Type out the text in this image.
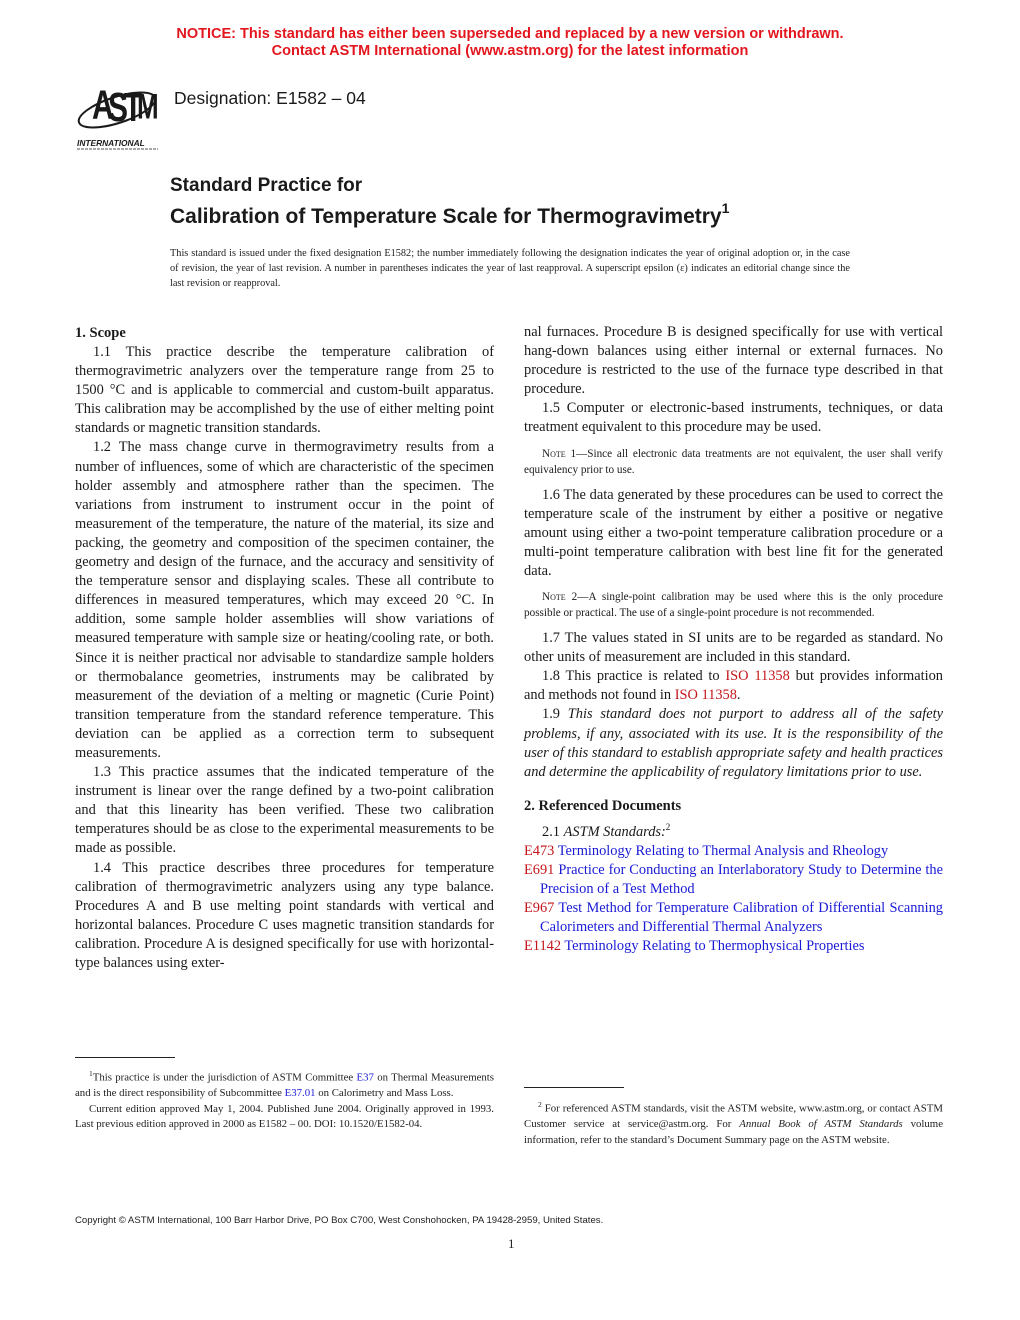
NOTICE: This standard has either been superseded and replaced by a new version or withdrawn.
Contact ASTM International (www.astm.org) for the latest information
A
S
T
M
INTERNATIONAL
Designation: E1582 – 04
Standard Practice for
Calibration of Temperature Scale for Thermogravimetry$^1$
This standard is issued under the fixed designation E1582; the number immediately following the designation indicates the year of original adoption or, in the case of revision, the year of last revision. A number in parentheses indicates the year of last reapproval. A superscript epsilon (ε) indicates an editorial change since the last revision or reapproval.
1. Scope

1.1 This practice describe the temperature calibration of thermogravimetric analyzers over the temperature range from 25 to 1500 °C and is applicable to commercial and custom-built apparatus. This calibration may be accomplished by the use of either melting point standards or magnetic transition standards.

1.2 The mass change curve in thermogravimetry results from a number of influences, some of which are characteristic of the specimen holder assembly and atmosphere rather than the specimen. The variations from instrument to instrument occur in the point of measurement of the temperature, the nature of the material, its size and packing, the geometry and composition of the specimen container, the geometry and design of the furnace, and the accuracy and sensitivity of the temperature sensor and displaying scales. These all contribute to differences in measured temperatures, which may exceed 20 °C. In addition, some sample holder assemblies will show variations of measured temperature with sample size or heating/cooling rate, or both. Since it is neither practical nor advisable to standardize sample holders or thermobalance geometries, instruments may be calibrated by measurement of the deviation of a melting or magnetic (Curie Point) transition temperature from the standard reference temperature. This deviation can be applied as a correction term to subsequent measurements.

1.3 This practice assumes that the indicated temperature of the instrument is linear over the range defined by a two-point calibration and that this linearity has been verified. These two calibration temperatures should be as close to the experimental measurements to be made as possible.

1.4 This practice describes three procedures for temperature calibration of thermogravimetric analyzers using any type balance. Procedures A and B use melting point standards with vertical and horizontal balances. Procedure C uses magnetic transition standards for calibration. Procedure A is designed specifically for use with horizontal-type balances using exter-

nal furnaces. Procedure B is designed specifically for use with vertical hang-down balances using either internal or external furnaces. No procedure is restricted to the use of the furnace type described in that procedure.

1.5 Computer or electronic-based instruments, techniques, or data treatment equivalent to this procedure may be used.

Note 1—Since all electronic data treatments are not equivalent, the user shall verify equivalency prior to use.

1.6 The data generated by these procedures can be used to correct the temperature scale of the instrument by either a positive or negative amount using either a two-point temperature calibration procedure or a multi-point temperature calibration with best line fit for the generated data.

Note 2—A single-point calibration may be used where this is the only procedure possible or practical. The use of a single-point procedure is not recommended.

1.7 The values stated in SI units are to be regarded as standard. No other units of measurement are included in this standard.

1.8 This practice is related to ISO 11358 but provides information and methods not found in ISO 11358.

1.9 This standard does not purport to address all of the safety problems, if any, associated with its use. It is the responsibility of the user of this standard to establish appropriate safety and health practices and determine the applicability of regulatory limitations prior to use.

2. Referenced Documents

2.1 ASTM Standards:$^2$

E473 Terminology Relating to Thermal Analysis and Rheology

E691 Practice for Conducting an Interlaboratory Study to Determine the Precision of a Test Method

E967 Test Method for Temperature Calibration of Differential Scanning Calorimeters and Differential Thermal Analyzers

E1142 Terminology Relating to Thermophysical Properties

$^1$This practice is under the jurisdiction of ASTM Committee E37 on Thermal Measurements and is the direct responsibility of Subcommittee E37.01 on Calorimetry and Mass Loss.

Current edition approved May 1, 2004. Published June 2004. Originally approved in 1993. Last previous edition approved in 2000 as E1582 – 00. DOI: 10.1520/E1582-04.

$^2$ For referenced ASTM standards, visit the ASTM website, www.astm.org, or contact ASTM Customer service at service@astm.org. For Annual Book of ASTM Standards volume information, refer to the standard’s Document Summary page on the ASTM website.

Copyright © ASTM International, 100 Barr Harbor Drive, PO Box C700, West Conshohocken, PA 19428-2959, United States.
1
